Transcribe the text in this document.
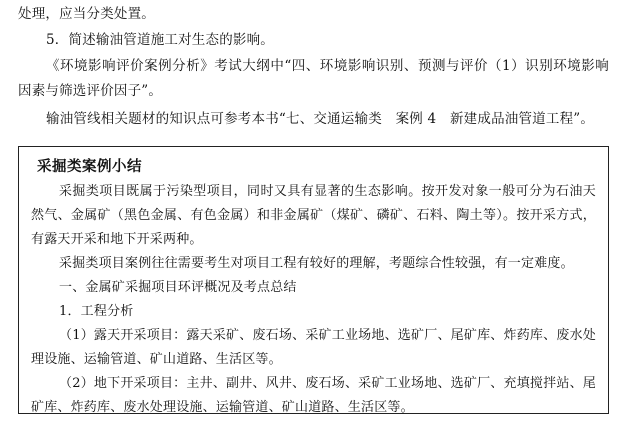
处理，应当分类处置。

5．简述输油管道施工对生态的影响。

《环境影响评价案例分析》考试大纲中“四、环境影响识别、预测与评价（1）识别环境影响因素与筛选评价因子”。

输油管线相关题材的知识点可参考本书“七、交通运输类　案例 4　新建成品油管道工程”。

采掘类案例小结

采掘类项目既属于污染型项目，同时又具有显著的生态影响。按开发对象一般可分为石油天然气、金属矿（黑色金属、有色金属）和非金属矿（煤矿、磷矿、石料、陶土等）。按开采方式，有露天开采和地下开采两种。

采掘类项目案例往往需要考生对项目工程有较好的理解，考题综合性较强，有一定难度。

一、金属矿采掘项目环评概况及考点总结

1．工程分析

（1）露天开采项目：露天采矿、废石场、采矿工业场地、选矿厂、尾矿库、炸药库、废水处理设施、运输管道、矿山道路、生活区等。

（2）地下开采项目：主井、副井、风井、废石场、采矿工业场地、选矿厂、充填搅拌站、尾矿库、炸药库、废水处理设施、运输管道、矿山道路、生活区等。
